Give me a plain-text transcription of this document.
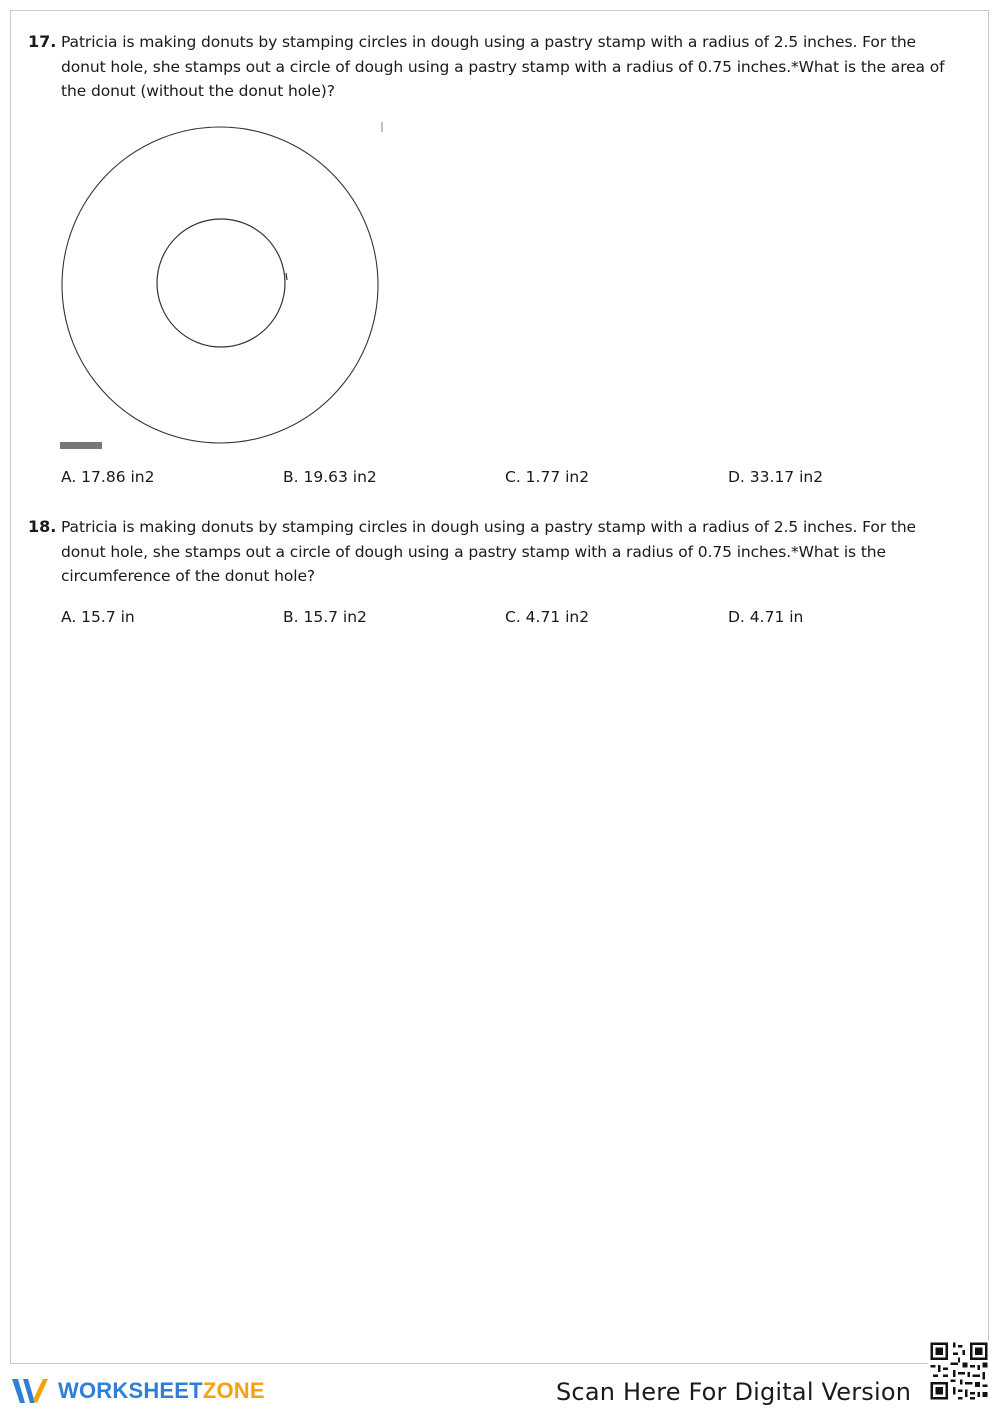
17. Patricia is making donuts by stamping circles in dough using a pastry stamp with a radius of 2.5 inches. For the donut hole, she stamps out a circle of dough using a pastry stamp with a radius of 0.75 inches.*What is the area of the donut (without the donut hole)?
A. 17.86 in2	B. 19.63 in2	C. 1.77 in2	D. 33.17 in2
18. Patricia is making donuts by stamping circles in dough using a pastry stamp with a radius of 2.5 inches. For the donut hole, she stamps out a circle of dough using a pastry stamp with a radius of 0.75 inches.*What is the circumference of the donut hole?
A. 15.7 in	B. 15.7 in2	C. 4.71 in2	D. 4.71 in
WORKSHEETZONE	Scan Here For Digital Version
